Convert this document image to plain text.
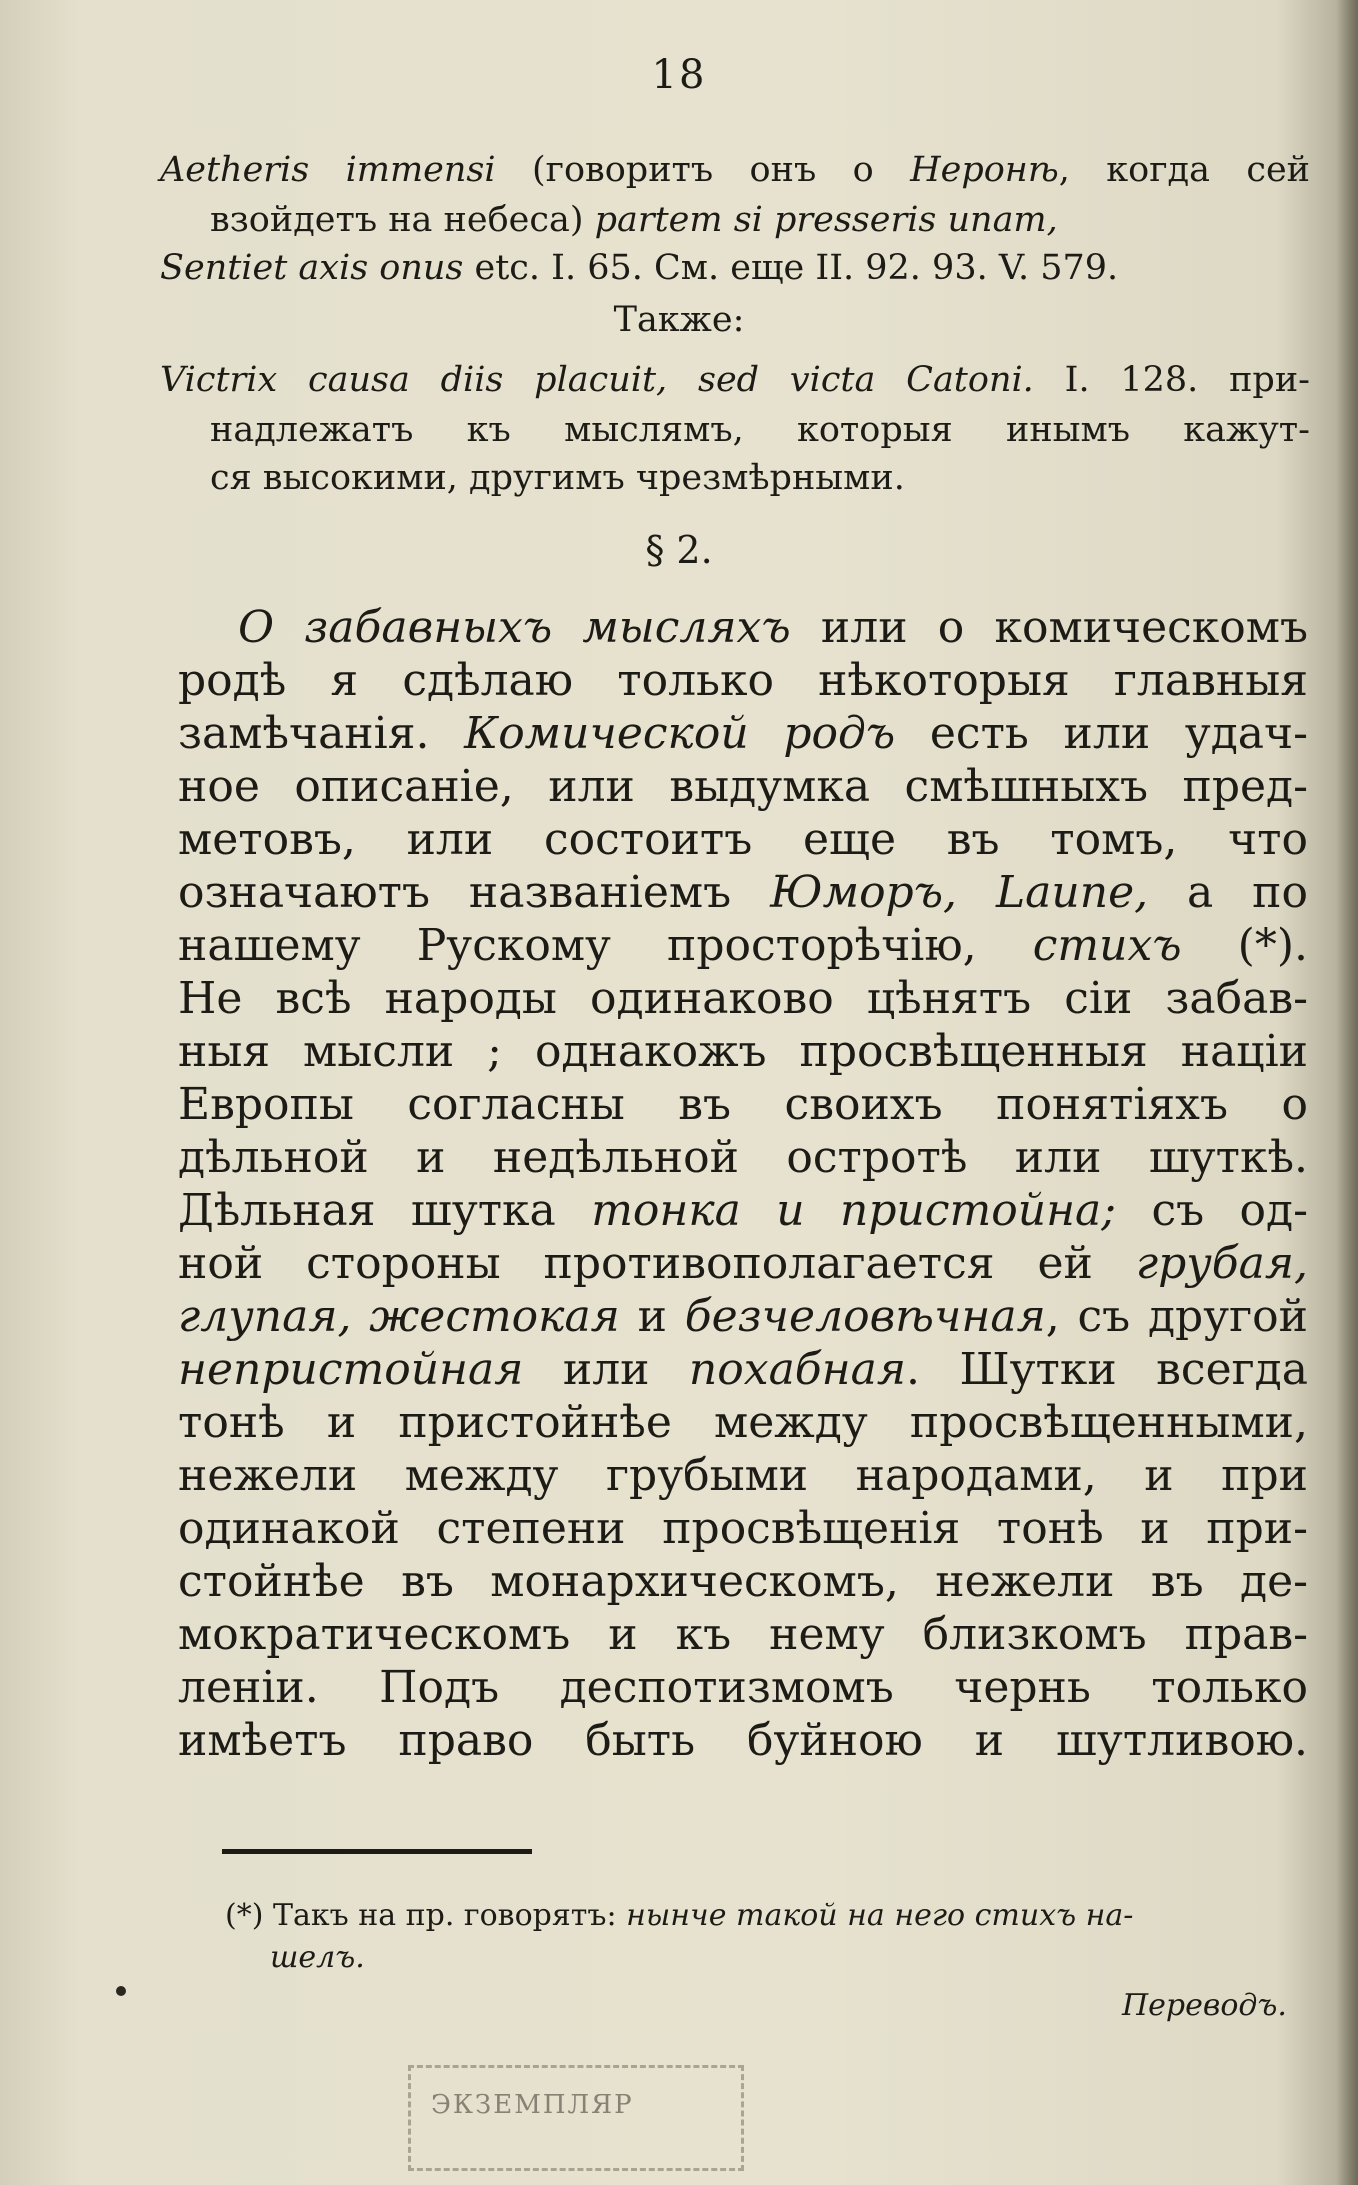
18
Aetheris immensi (говоритъ онъ о Неронѣ, когда сей
взойдетъ на небеса) partem si presseris unam,
Sentiet axis onus etc. I. 65. См. еще II. 92. 93. V. 579.
Также:
Victrix causa diis placuit, sed victa Catoni. I. 128. при-
надлежатъ къ мыслямъ, которыя инымъ кажут-
ся высокими, другимъ чрезмѣрными.
§ 2.
О забавныхъ мысляхъ или о комическомъ
родѣ я сдѣлаю только нѣкоторыя главныя
замѣчанія. Комической родъ есть или удач-
ное описаніе, или выдумка смѣшныхъ пред-
метовъ, или состоитъ еще въ томъ, что
означаютъ названіемъ Юморъ, Laune, а по
нашему Рускому просторѣчію, стихъ (*).
Не всѣ народы одинаково цѣнятъ сіи забав-
ныя мысли ; однакожъ просвѣщенныя націи
Европы согласны въ своихъ понятіяхъ о
дѣльной и недѣльной остротѣ или шуткѣ.
Дѣльная шутка тонка и пристойна; съ од-
ной стороны противополагается ей грубая,
глупая, жестокая и безчеловѣчная, съ другой
непристойная или похабная. Шутки всегда
тонѣ и пристойнѣе между просвѣщенными,
нежели между грубыми народами, и при
одинакой степени просвѣщенія тонѣ и при-
стойнѣе въ монархическомъ, нежели въ де-
мократическомъ и къ нему близкомъ прав-
леніи. Подъ деспотизмомъ чернь только
имѣетъ право быть буйною и шутливою.
(*) Такъ на пр. говорятъ: нынче такой на него стихъ на-
шелъ.
Переводъ.
ЭКЗЕМПЛЯР
